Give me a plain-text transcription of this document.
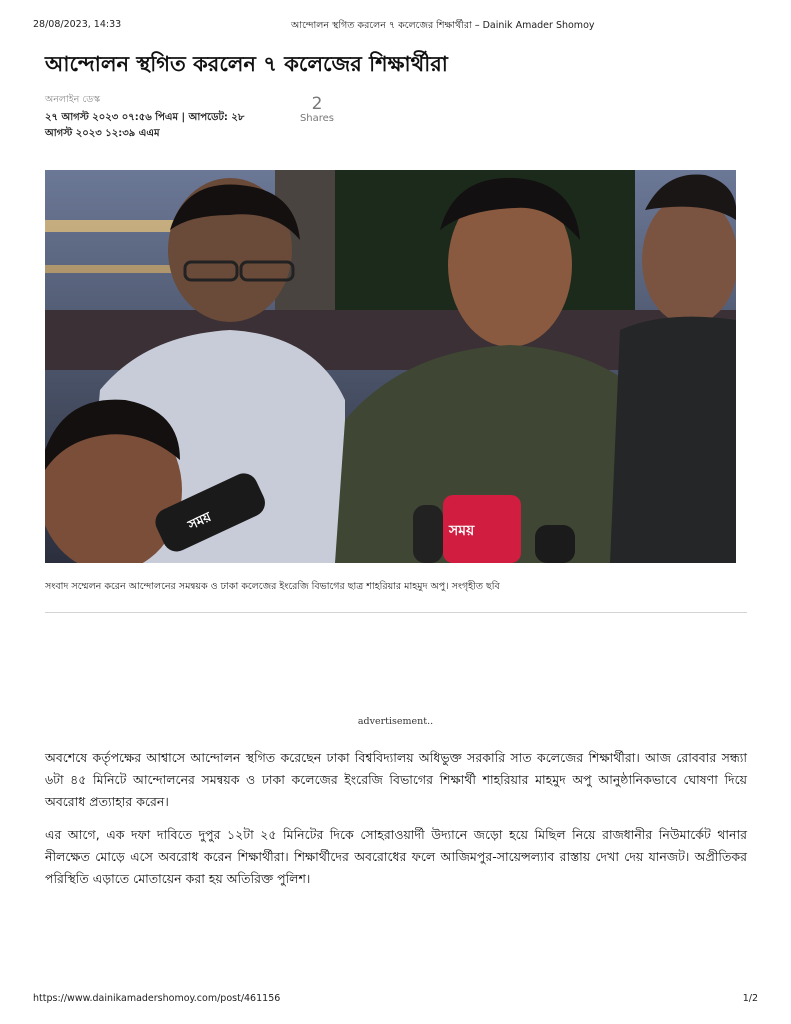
28/08/2023, 14:33	আন্দোলন স্থগিত করলেন ৭ কলেজের শিক্ষার্থীরা – Dainik Amader Shomoy
আন্দোলন স্থগিত করলেন ৭ কলেজের শিক্ষার্থীরা
অনলাইন ডেস্ক
২৭ আগস্ট ২০২৩ ০৭:৫৬ পিএম | আপডেট: ২৮
আগস্ট ২০২৩ ১২:৩৯ এএম
2
Shares
সময়	সময়
সংবাদ সম্মেলন করেন আন্দোলনের সমন্বয়ক ও ঢাকা কলেজের ইংরেজি বিভাগের ছাত্র শাহরিয়ার মাহমুদ অপু। সংগৃহীত ছবি
advertisement..

অবশেষে কর্তৃপক্ষের আশ্বাসে আন্দোলন স্থগিত করেছেন ঢাকা বিশ্ববিদ্যালয় অধিভুক্ত সরকারি সাত কলেজের শিক্ষার্থীরা। আজ রোববার সন্ধ্যা ৬টা ৪৫ মিনিটে আন্দোলনের সমন্বয়ক ও ঢাকা কলেজের ইংরেজি বিভাগের শিক্ষার্থী শাহরিয়ার মাহমুদ অপু আনুষ্ঠানিকভাবে ঘোষণা দিয়ে অবরোধ প্রত্যাহার করেন।

এর আগে, এক দফা দাবিতে দুপুর ১২টা ২৫ মিনিটের দিকে সোহরাওয়ার্দী উদ্যানে জড়ো হয়ে মিছিল নিয়ে রাজধানীর নিউমার্কেট থানার নীলক্ষেত মোড়ে এসে অবরোধ করেন শিক্ষার্থীরা। শিক্ষার্থীদের অবরোধের ফলে আজিমপুর-সায়েন্সল্যাব রাস্তায় দেখা দেয় যানজট। অপ্রীতিকর পরিস্থিতি এড়াতে মোতায়েন করা হয় অতিরিক্ত পুলিশ।

https://www.dainikamadershomoy.com/post/461156	1/2
